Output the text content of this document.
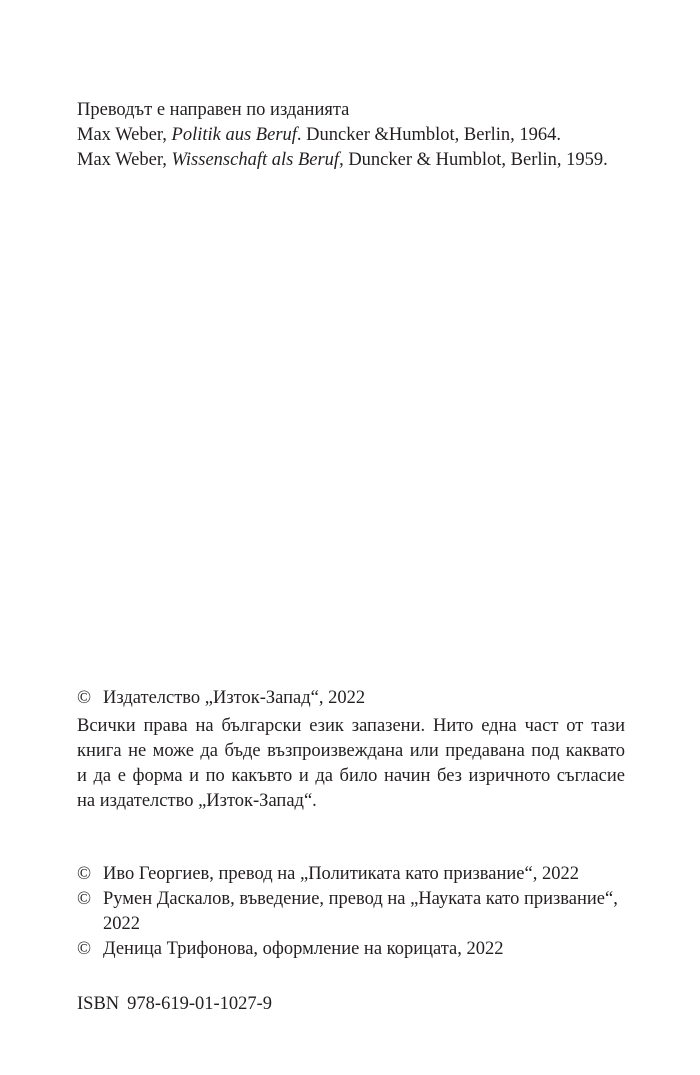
Преводът е направен по изданията
Max Weber, Politik aus Beruf. Duncker &Humblot, Berlin, 1964.
Max Weber, Wissenschaft als Beruf, Duncker & Humblot, Berlin, 1959.
© Издателство „Изток-Запад“, 2022
Всички права на български език запазени. Нито една част от тази
книга не може да бъде възпроизвеждана или предавана под каквато
и да е форма и по какъвто и да било начин без изричното съгласие
на издателство „Изток-Запад“.
© Иво Георгиев, превод на „Политиката като призвание“, 2022
© Румен Даскалов, въведение, превод на „Науката като призвание“,
2022
© Деница Трифонова, оформление на корицата, 2022
ISBN 978-619-01-1027-9
